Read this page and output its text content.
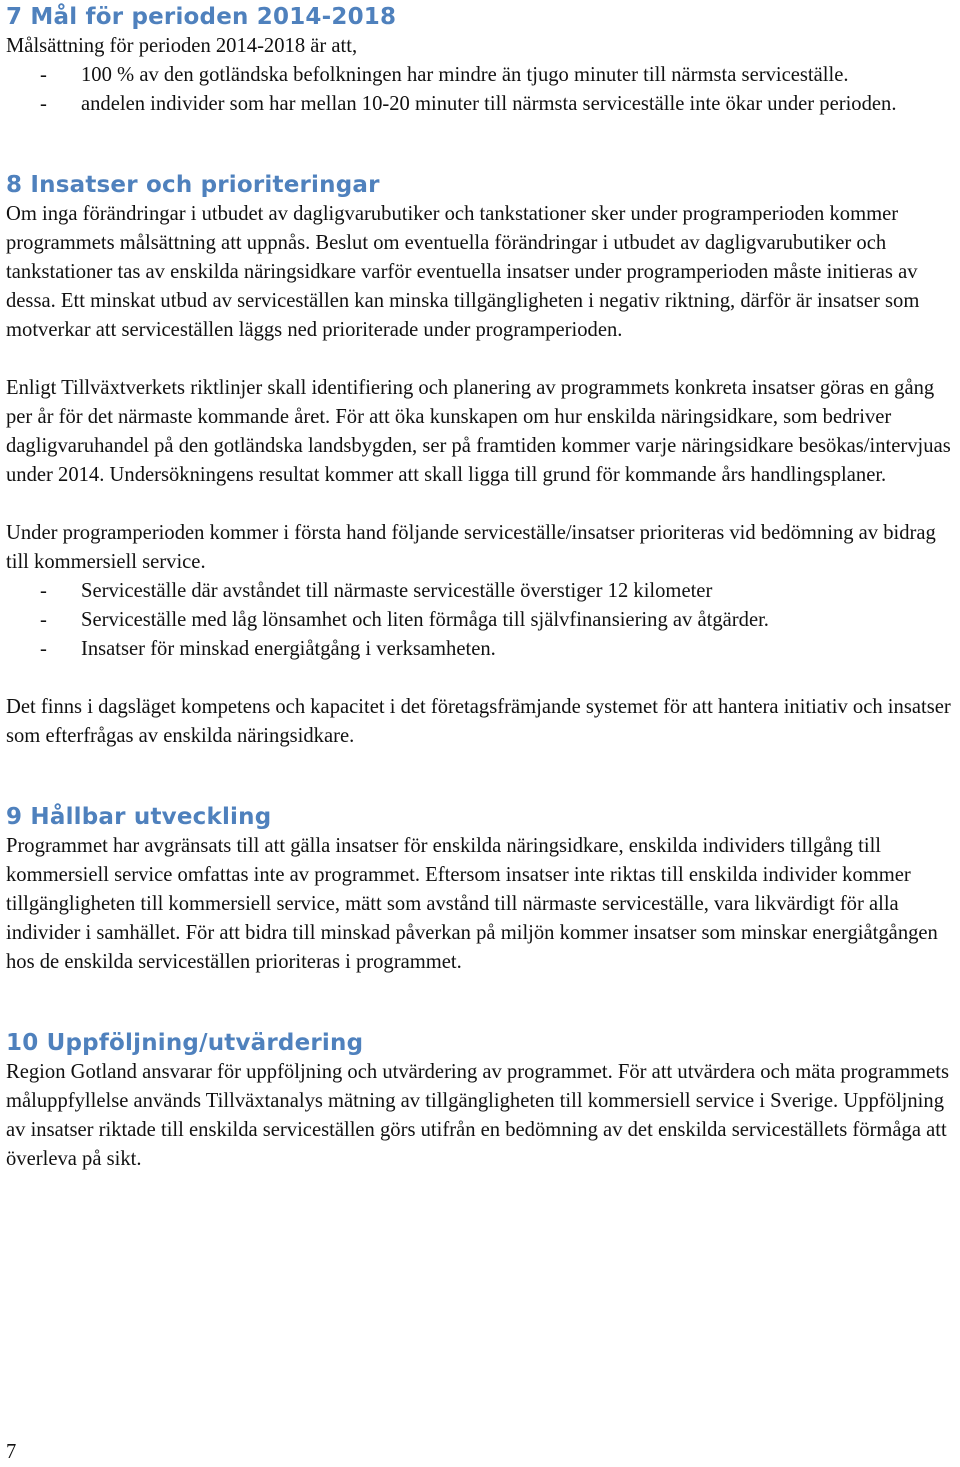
7 Mål för perioden 2014-2018

Målsättning för perioden 2014-2018 är att,

- 100 % av den gotländska befolkningen har mindre än tjugo minuter till närmsta serviceställe.
- andelen individer som har mellan 10-20 minuter till närmsta serviceställe inte ökar under perioden.
8 Insatser och prioriteringar

Om inga förändringar i utbudet av dagligvarubutiker och tankstationer sker under programperioden kommer programmets målsättning att uppnås. Beslut om eventuella förändringar i utbudet av dagligvarubutiker och tankstationer tas av enskilda näringsidkare varför eventuella insatser under programperioden måste initieras av dessa. Ett minskat utbud av serviceställen kan minska tillgängligheten i negativ riktning, därför är insatser som motverkar att serviceställen läggs ned prioriterade under programperioden.

Enligt Tillväxtverkets riktlinjer skall identifiering och planering av programmets konkreta insatser göras en gång per år för det närmaste kommande året. För att öka kunskapen om hur enskilda näringsidkare, som bedriver dagligvaruhandel på den gotländska landsbygden, ser på framtiden kommer varje näringsidkare besökas/intervjuas under 2014. Undersökningens resultat kommer att skall ligga till grund för kommande års handlingsplaner.

Under programperioden kommer i första hand följande serviceställe/insatser prioriteras vid bedömning av bidrag till kommersiell service.

- Serviceställe där avståndet till närmaste serviceställe överstiger 12 kilometer
- Serviceställe med låg lönsamhet och liten förmåga till självfinansiering av åtgärder.
- Insatser för minskad energiåtgång i verksamheten.

Det finns i dagsläget kompetens och kapacitet i det företagsfrämjande systemet för att hantera initiativ och insatser som efterfrågas av enskilda näringsidkare.

9 Hållbar utveckling

Programmet har avgränsats till att gälla insatser för enskilda näringsidkare, enskilda individers tillgång till kommersiell service omfattas inte av programmet. Eftersom insatser inte riktas till enskilda individer kommer tillgängligheten till kommersiell service, mätt som avstånd till närmaste serviceställe, vara likvärdigt för alla individer i samhället. För att bidra till minskad påverkan på miljön kommer insatser som minskar energiåtgången hos de enskilda serviceställen prioriteras i programmet.

10 Uppföljning/utvärdering

Region Gotland ansvarar för uppföljning och utvärdering av programmet. För att utvärdera och mäta programmets måluppfyllelse används Tillväxtanalys mätning av tillgängligheten till kommersiell service i Sverige. Uppföljning av insatser riktade till enskilda serviceställen görs utifrån en bedömning av det enskilda serviceställets förmåga att överleva på sikt.

7
